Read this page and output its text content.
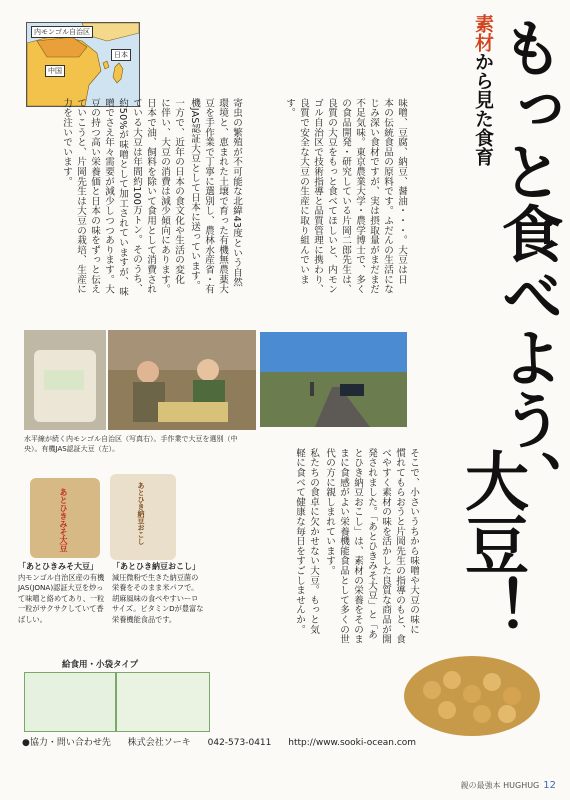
内モンゴル自治区
中国
日本
素材から見た食育
もっと食べよう、
大豆！
味噌、豆腐、納豆、醤油・・・。大豆は日
本の伝統食品の原料です。ふだんの生活にな
じみ深い食材ですが、実は摂取量がまだまだ
不足気味。東京農業大学・農学博士で、多く
の食品開発・研究している片岡二郎先生は、
良質の大豆をもっと食べてほしいと、内モン
ゴル自治区で技術指導と品質管理に携わり、
良質で安全な大豆の生産に取り組んでいま
す。
寄虫の繁殖が不可能な北緯43度という自然
環境と、恵まれた土壌で育った有機無農薬大
豆を手作業で丁寧に選別し、農林水産省・有
機JAS認証大豆として日本に送っています。
一方で、近年の日本の食文化や生活の変化
に伴い、大豆の消費は減少傾向にあります。
日本で油、飼料を除いて食用として消費され
ている大豆は年間約100万トン。そのうち、
約50%が味噌として加工されていますが、味
噌でさえ年々需要が減少しつつあります。大
豆の持つ高い栄養価と日本の味をずっと伝え
ていこうと、片岡先生は大豆の栽培、生産に
力を注いでいます。
水平線が続く内モンゴル自治区（写真右）。手作業で大豆を選別（中央）。有機JAS認証大豆（左）。
あとひきみそ大豆	あとひき納豆おこし
「あとひきみそ大豆」
内モンゴル自治区産の有機JAS(JONA)認証大豆を炒って味噌と絡めてあり、一粒一粒がサクサクしていて香ばしい。
「あとひき納豆おこし」
減圧微粉で生きた納豆菌の栄養をそのまま米パフで。胡麻風味の食べやすいーロサイズ。ビタミンDが豊富な栄養機能食品です。
給食用・小袋タイプ
そこで、小さいうちから味噌や大豆の味に
慣れてもらおうと片岡先生の指導のもと、食
べやすく素材の味を活かした良質な商品が開
発されました。「あとひきみそ大豆」と「あ
とひき納豆おこし」は、素材の栄養をそのま
まに食感がよい栄養機能食品として多くの世
代の方に親しまれています。
私たちの食卓に欠かせない大豆。もっと気
軽に食べて健康な毎日をすごしませんか。
●協力・問い合わせ先 株式会社ソーキ 042-573-0411 http://www.sooki-ocean.com
親の最強本 HUGHUG 12
